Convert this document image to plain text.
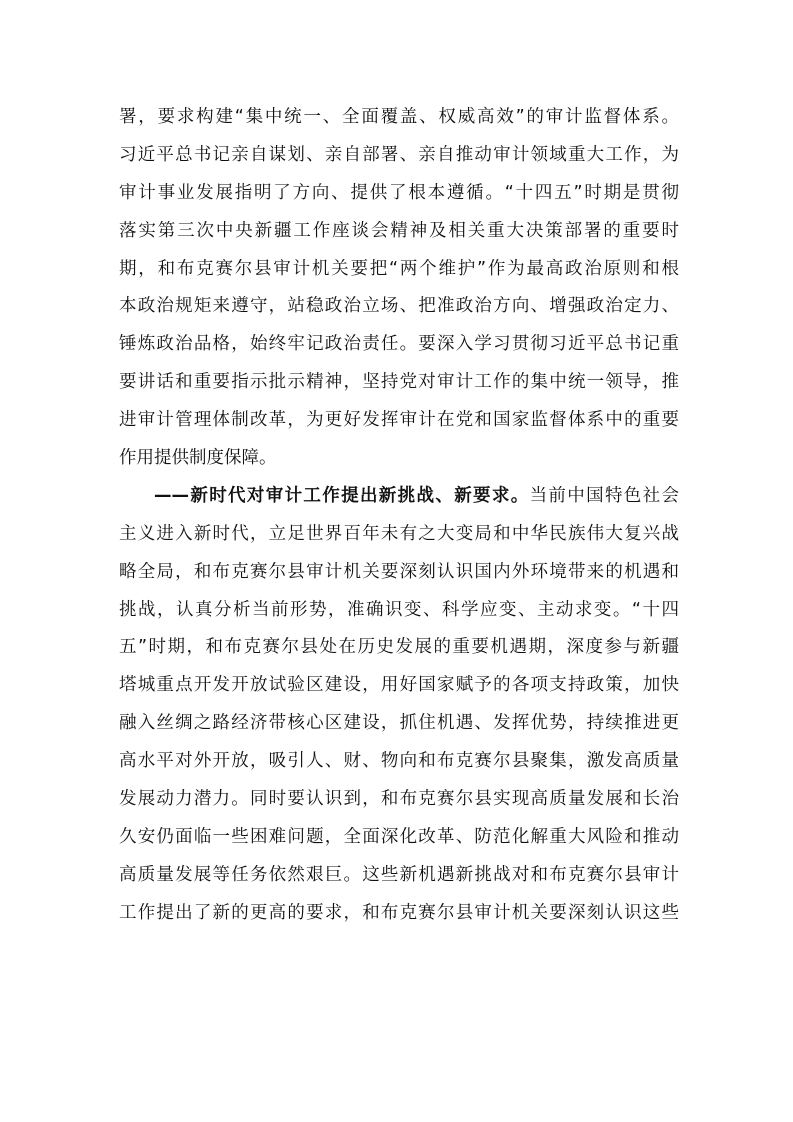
署，要求构建“集中统一、全面覆盖、权威高效”的审计监督体系。
习近平总书记亲自谋划、亲自部署、亲自推动审计领域重大工作，为
审计事业发展指明了方向、提供了根本遵循。“十四五”时期是贯彻
落实第三次中央新疆工作座谈会精神及相关重大决策部署的重要时
期，和布克赛尔县审计机关要把“两个维护”作为最高政治原则和根
本政治规矩来遵守，站稳政治立场、把准政治方向、增强政治定力、
锤炼政治品格，始终牢记政治责任。要深入学习贯彻习近平总书记重
要讲话和重要指示批示精神，坚持党对审计工作的集中统一领导，推
进审计管理体制改革，为更好发挥审计在党和国家监督体系中的重要
作用提供制度保障。
——新时代对审计工作提出新挑战、新要求。当前中国特色社会
主义进入新时代，立足世界百年未有之大变局和中华民族伟大复兴战
略全局，和布克赛尔县审计机关要深刻认识国内外环境带来的机遇和
挑战，认真分析当前形势，准确识变、科学应变、主动求变。“十四
五”时期，和布克赛尔县处在历史发展的重要机遇期，深度参与新疆
塔城重点开发开放试验区建设，用好国家赋予的各项支持政策，加快
融入丝绸之路经济带核心区建设，抓住机遇、发挥优势，持续推进更
高水平对外开放，吸引人、财、物向和布克赛尔县聚集，激发高质量
发展动力潜力。同时要认识到，和布克赛尔县实现高质量发展和长治
久安仍面临一些困难问题，全面深化改革、防范化解重大风险和推动
高质量发展等任务依然艰巨。这些新机遇新挑战对和布克赛尔县审计
工作提出了新的更高的要求，和布克赛尔县审计机关要深刻认识这些
